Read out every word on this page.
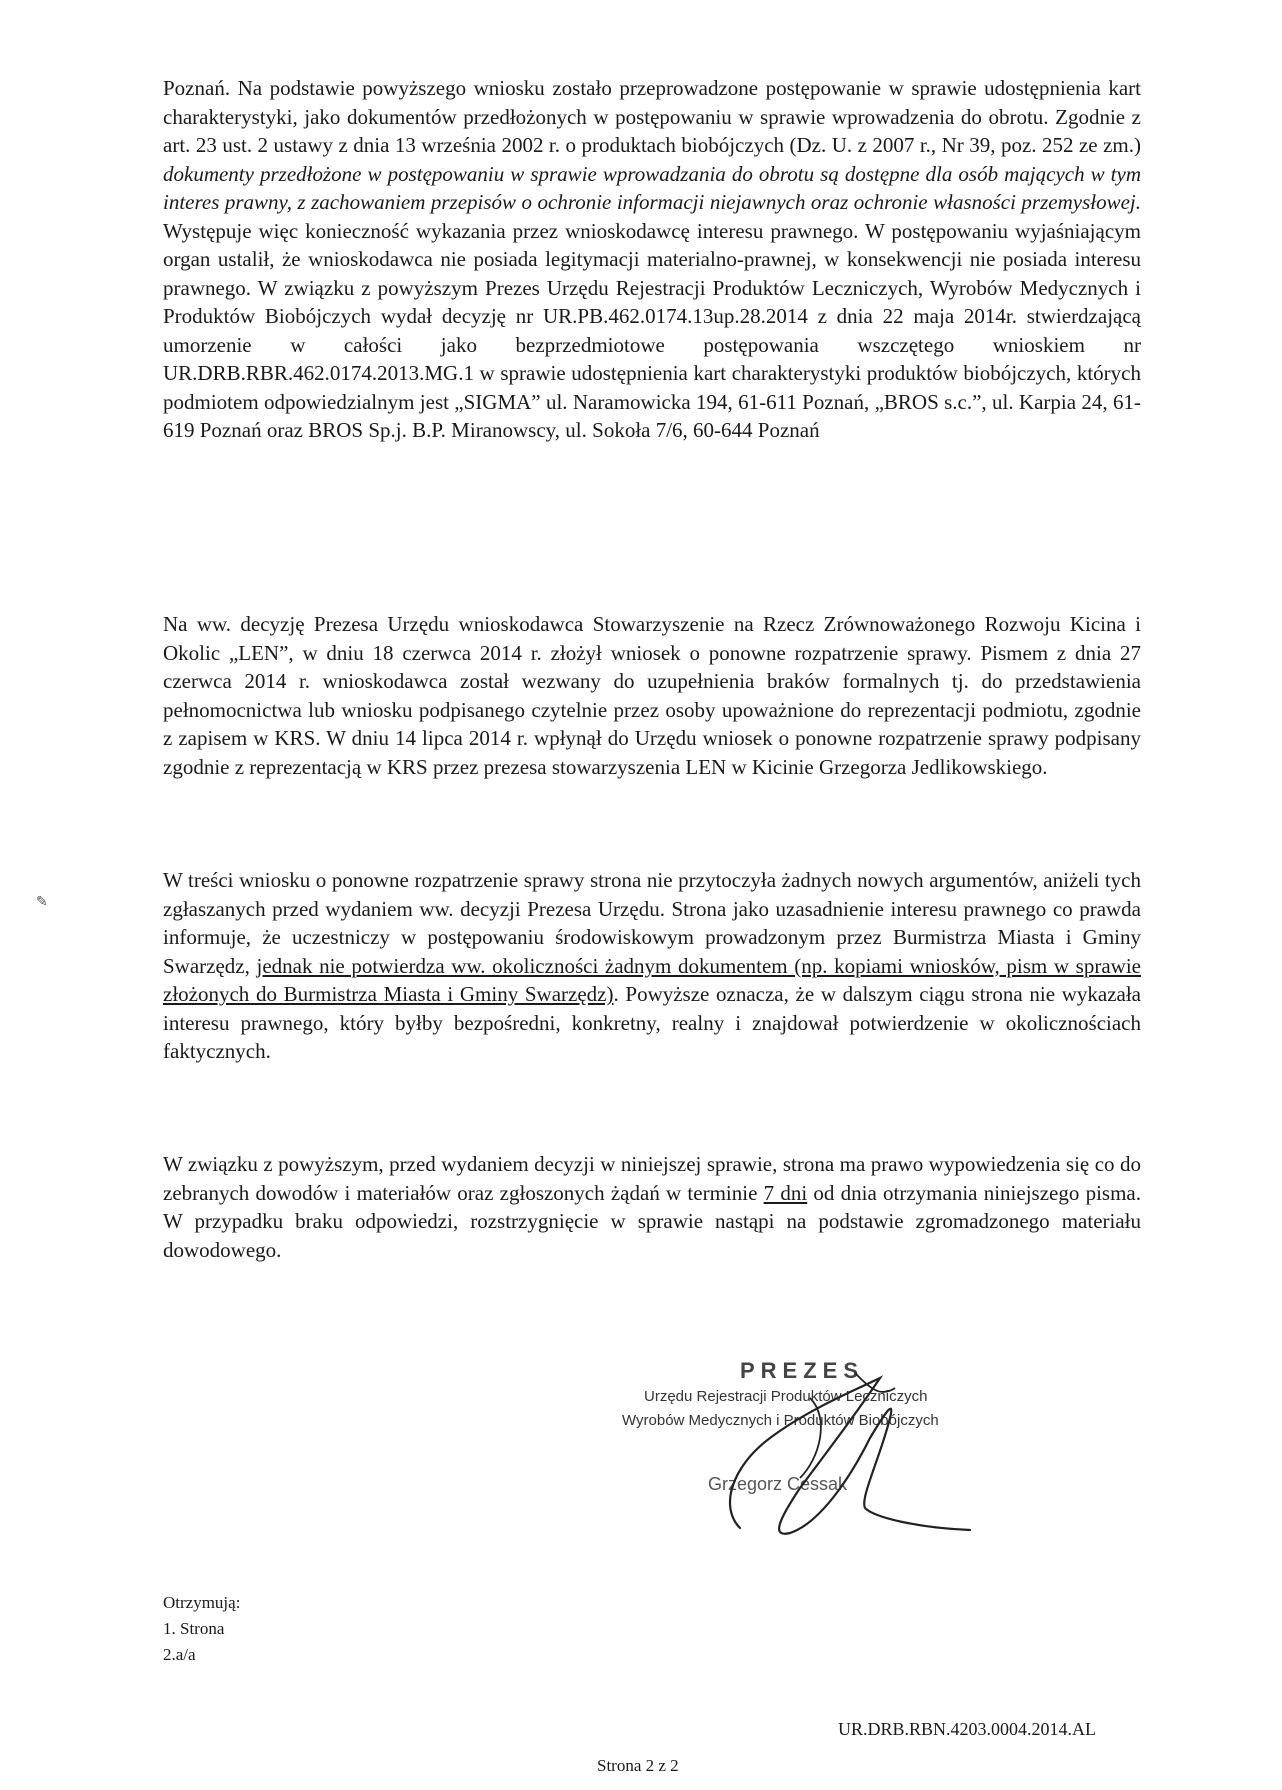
Poznań. Na podstawie powyższego wniosku zostało przeprowadzone postępowanie w sprawie udostępnienia kart charakterystyki, jako dokumentów przedłożonych w postępowaniu w sprawie wprowadzenia do obrotu. Zgodnie z art. 23 ust. 2 ustawy z dnia 13 września 2002 r. o produktach biobójczych (Dz. U. z 2007 r., Nr 39, poz. 252 ze zm.) dokumenty przedłożone w postępowaniu w sprawie wprowadzania do obrotu są dostępne dla osób mających w tym interes prawny, z zachowaniem przepisów o ochronie informacji niejawnych oraz ochronie własności przemysłowej. Występuje więc konieczność wykazania przez wnioskodawcę interesu prawnego. W postępowaniu wyjaśniającym organ ustalił, że wnioskodawca nie posiada legitymacji materialno-prawnej, w konsekwencji nie posiada interesu prawnego. W związku z powyższym Prezes Urzędu Rejestracji Produktów Leczniczych, Wyrobów Medycznych i Produktów Biobójczych wydał decyzję nr UR.PB.462.0174.13up.28.2014 z dnia 22 maja 2014r. stwierdzającą umorzenie w całości jako bezprzedmiotowe postępowania wszczętego wnioskiem nr UR.DRB.RBR.462.0174.2013.MG.1 w sprawie udostępnienia kart charakterystyki produktów biobójczych, których podmiotem odpowiedzialnym jest „SIGMA” ul. Naramowicka 194, 61-611 Poznań, „BROS s.c.”, ul. Karpia 24, 61-619 Poznań oraz BROS Sp.j. B.P. Miranowscy, ul. Sokoła 7/6, 60-644 Poznań

Na ww. decyzję Prezesa Urzędu wnioskodawca Stowarzyszenie na Rzecz Zrównoważonego Rozwoju Kicina i Okolic „LEN”, w dniu 18 czerwca 2014 r. złożył wniosek o ponowne rozpatrzenie sprawy. Pismem z dnia 27 czerwca 2014 r. wnioskodawca został wezwany do uzupełnienia braków formalnych tj. do przedstawienia pełnomocnictwa lub wniosku podpisanego czytelnie przez osoby upoważnione do reprezentacji podmiotu, zgodnie z zapisem w KRS. W dniu 14 lipca 2014 r. wpłynął do Urzędu wniosek o ponowne rozpatrzenie sprawy podpisany zgodnie z reprezentacją w KRS przez prezesa stowarzyszenia LEN w Kicinie Grzegorza Jedlikowskiego.

W treści wniosku o ponowne rozpatrzenie sprawy strona nie przytoczyła żadnych nowych argumentów, aniżeli tych zgłaszanych przed wydaniem ww. decyzji Prezesa Urzędu. Strona jako uzasadnienie interesu prawnego co prawda informuje, że uczestniczy w postępowaniu środowiskowym prowadzonym przez Burmistrza Miasta i Gminy Swarzędz, jednak nie potwierdza ww. okoliczności żadnym dokumentem (np. kopiami wniosków, pism w sprawie złożonych do Burmistrza Miasta i Gminy Swarzędz). Powyższe oznacza, że w dalszym ciągu strona nie wykazała interesu prawnego, który byłby bezpośredni, konkretny, realny i znajdował potwierdzenie w okolicznościach faktycznych.

W związku z powyższym, przed wydaniem decyzji w niniejszej sprawie, strona ma prawo wypowiedzenia się co do zebranych dowodów i materiałów oraz zgłoszonych żądań w terminie 7 dni od dnia otrzymania niniejszego pisma. W przypadku braku odpowiedzi, rozstrzygnięcie w sprawie nastąpi na podstawie zgromadzonego materiału dowodowego.

✎
PREZES
Urzędu Rejestracji Produktów Leczniczych
Wyrobów Medycznych i Produktów Biobójczych
Grzegorz Cessak
Otrzymują:
1. Strona
2.a/a
UR.DRB.RBN.4203.0004.2014.AL
Strona 2 z 2
